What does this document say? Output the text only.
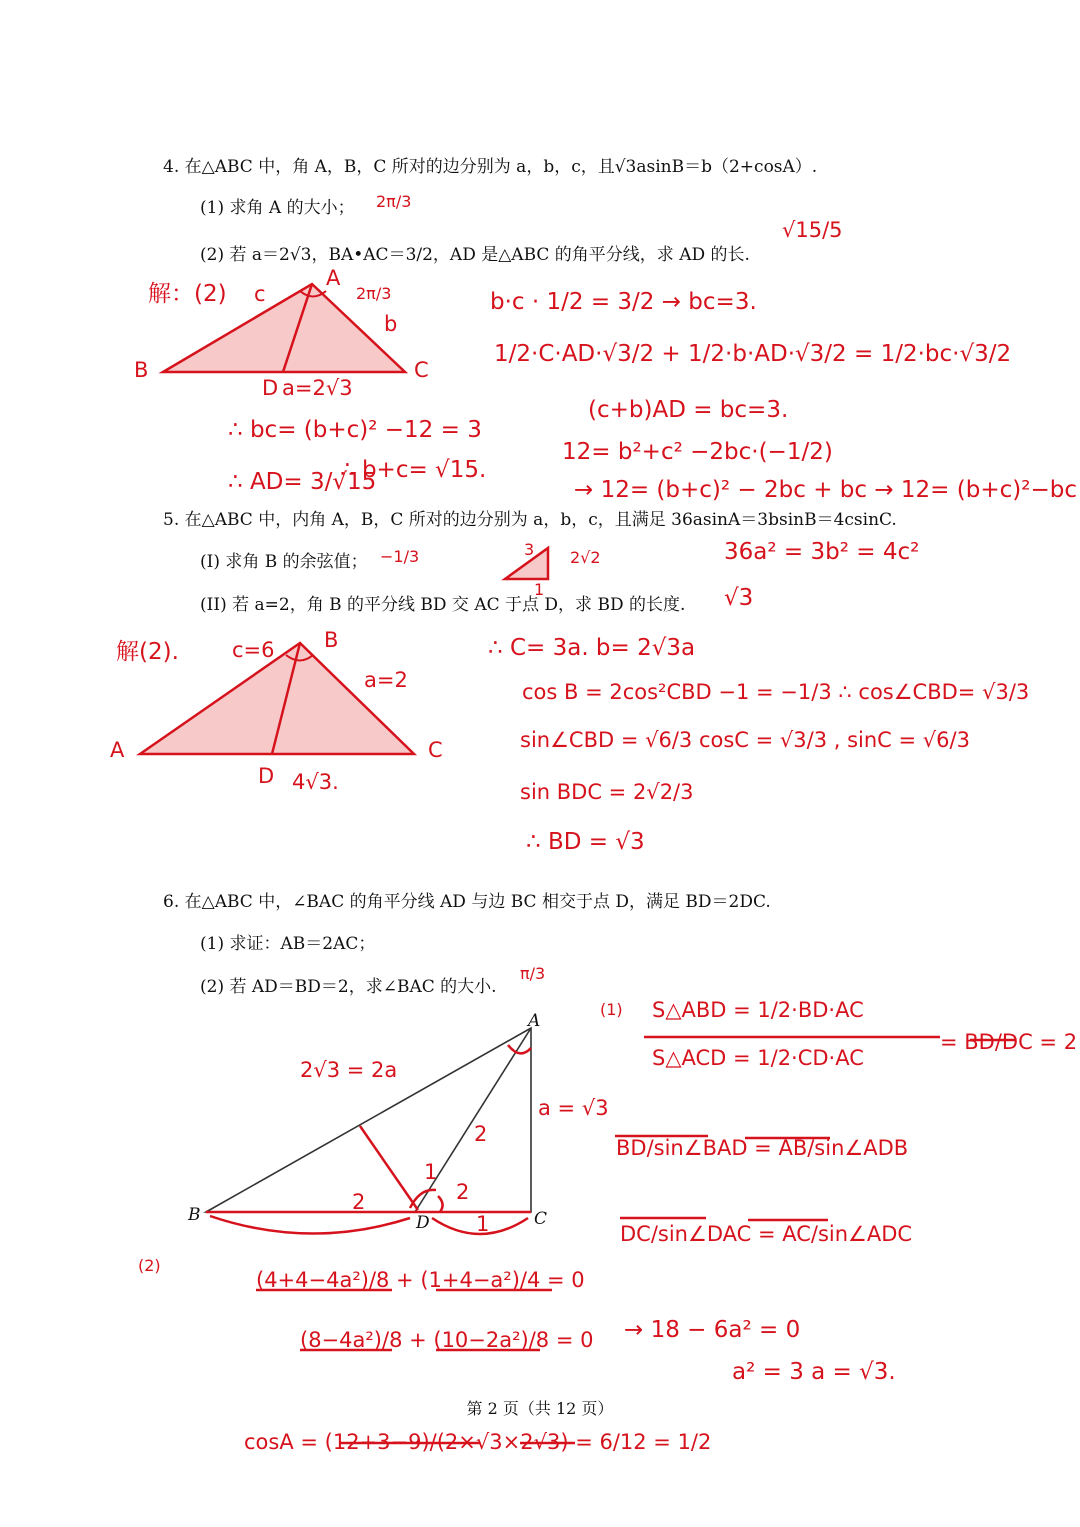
4. 在△ABC 中，角 A，B，C 所对的边分别为 a，b，c，且√3asinB＝b（2+cosA）.
(1) 求角 A 的大小； 2π/3
(2) 若 a＝2√3，BA•AC＝3/2，AD 是△ABC 的角平分线，求 AD 的长.
√15/5
解：(2) c
A
2π/3
b
B	C
D a=2√3
b·c · 1/2 = 3/2 → bc=3.
1/2·C·AD·√3/2 + 1/2·b·AD·√3/2 = 1/2·bc·√3/2
(c+b)AD = bc=3.
12= b²+c² −2bc·(−1/2)
→ 12= (b+c)² − 2bc + bc → 12= (b+c)²−bc
∴ bc= (b+c)² −12 = 3
∴ AD= 3/√15
∴ b+c= √15.
5. 在△ABC 中，内角 A，B，C 所对的边分别为 a，b，c，且满足 36asinA＝3bsinB＝4csinC.
(I) 求角 B 的余弦值； −1/3
(II) 若 a=2，角 B 的平分线 BD 交 AC 于点 D，求 BD 的长度. √3
3
1
2√2	36a² = 3b² = 4c²
解(2).	c=6 B
a=2
A	C
D 4√3.
∴ C= 3a. b= 2√3a
cos B = 2cos²CBD −1 = −1/3 ∴ cos∠CBD= √3/3
sin∠CBD = √6/3 cosC = √3/3 , sinC = √6/3
sin BDC = 2√2/3
∴ BD = √3
6. 在△ABC 中，∠BAC 的角平分线 AD 与边 BC 相交于点 D，满足 BD＝2DC.
(1) 求证：AB＝2AC；
(2) 若 AD＝BD＝2，求∠BAC 的大小.
π/3
A
B	C
D
2√3 = 2a
a = √3
2
1
2
2
1
(1) S△ABD = 1/2·BD·AC
S△ACD = 1/2·CD·AC
= BD/DC = 2
BD/sin∠BAD = AB/sin∠ADB
DC/sin∠DAC = AC/sin∠ADC
(2)
(4+4−4a²)/8 + (1+4−a²)/4 = 0
(8−4a²)/8 + (10−2a²)/8 = 0 → 18 − 6a² = 0
a² = 3 a = √3.
第 2 页（共 12 页）
cosA = (12+3−9)/(2×√3×2√3) = 6/12 = 1/2
